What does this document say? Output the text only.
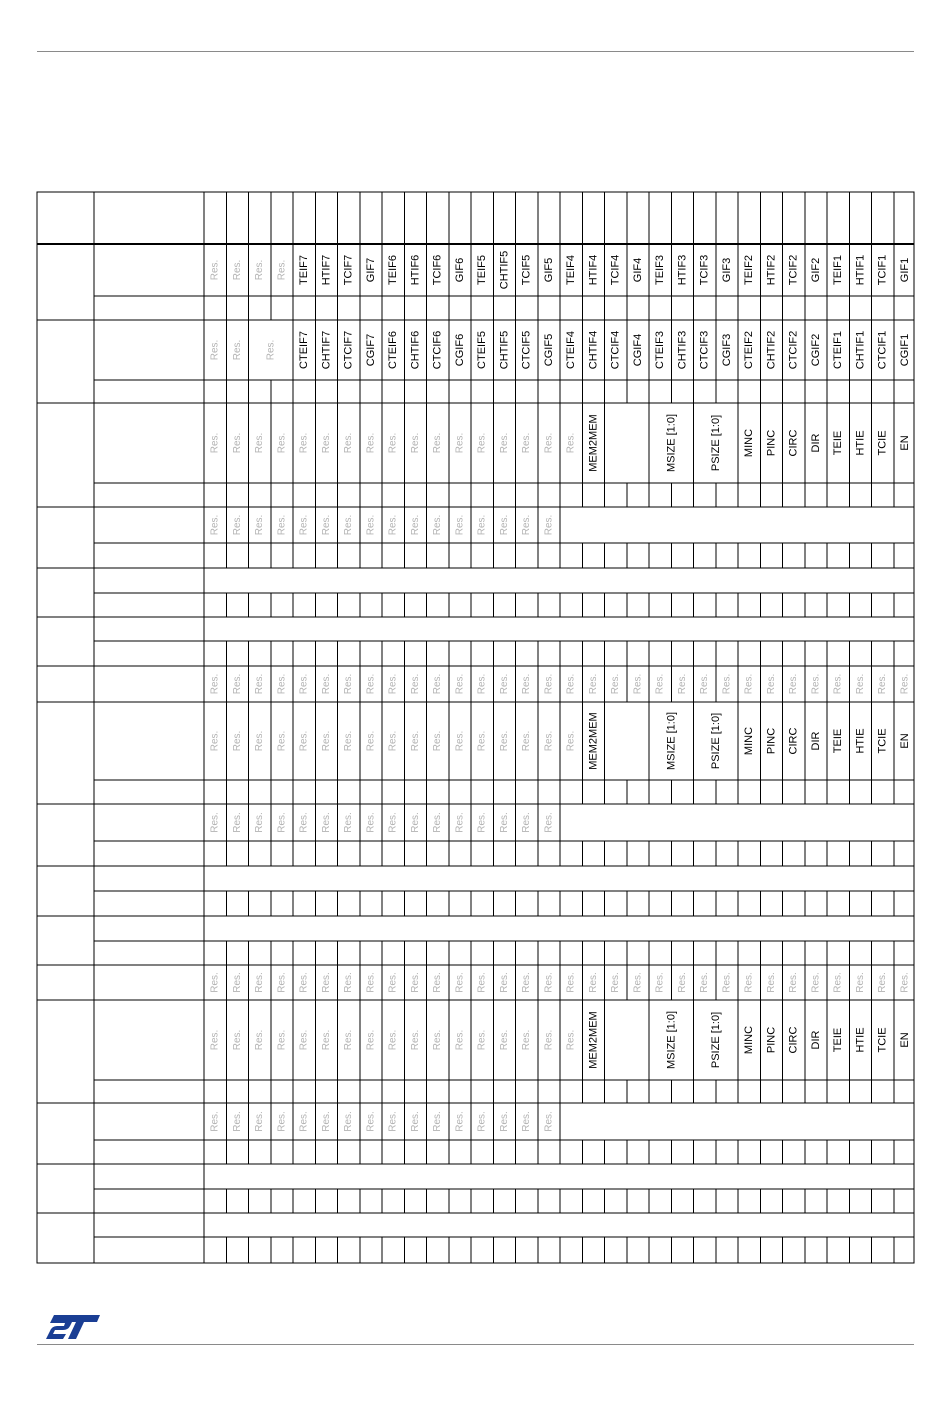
Res. Res. Res. Res. TEIF7 HTIF7 TCIF7 GIF7 TEIF6 HTIF6 TCIF6 GIF6 TEIF5 CHTIF5 TCIF5 GIF5 TEIF4 HTIF4 TCIF4 GIF4 TEIF3 HTIF3 TCIF3 GIF3 TEIF2 HTIF2 TCIF2 GIF2 TEIF1 HTIF1 TCIF1 GIF1
Res. Res. Res. CTEIF7 CHTIF7 CTCIF7 CGIF7 CTEIF6 CHTIF6 CTCIF6 CGIF6 CTEIF5 CHTIF5 CTCIF5 CGIF5 CTEIF4 CHTIF4 CTCIF4 CGIF4 CTEIF3 CHTIF3 CTCIF3 CGIF3 CTEIF2 CHTIF2 CTCIF2 CGIF2 CTEIF1 CHTIF1 CTCIF1 CGIF1
Res. Res. Res. Res. Res. Res. Res. Res. Res. Res. Res. Res. Res. Res. Res. Res. Res. MEM2MEM	MSIZE [1:0]	PSIZE [1:0] MINC PINC CIRC DIR TEIE HTIE TCIE EN
Res. Res. Res. Res. Res. Res. Res. Res. Res. Res. Res. Res. Res. Res. Res. Res.
Res. Res. Res. Res. Res. Res. Res. Res. Res. Res. Res. Res. Res. Res. Res. Res. Res. Res. Res. Res. Res. Res. Res. Res. Res. Res. Res. Res. Res. Res. Res. Res.
Res. Res. Res. Res. Res. Res. Res. Res. Res. Res. Res. Res. Res. Res. Res. Res. Res. MEM2MEM	MSIZE [1:0]	PSIZE [1:0] MINC PINC CIRC DIR TEIE HTIE TCIE EN
Res. Res. Res. Res. Res. Res. Res. Res. Res. Res. Res. Res. Res. Res. Res. Res.
Res. Res. Res. Res. Res. Res. Res. Res. Res. Res. Res. Res. Res. Res. Res. Res. Res. Res. Res. Res. Res. Res. Res. Res. Res. Res. Res. Res. Res. Res. Res. Res.
Res. Res. Res. Res. Res. Res. Res. Res. Res. Res. Res. Res. Res. Res. Res. Res. Res. MEM2MEM	MSIZE [1:0]	PSIZE [1:0] MINC PINC CIRC DIR TEIE HTIE TCIE EN
Res. Res. Res. Res. Res. Res. Res. Res. Res. Res. Res. Res. Res. Res. Res. Res.
